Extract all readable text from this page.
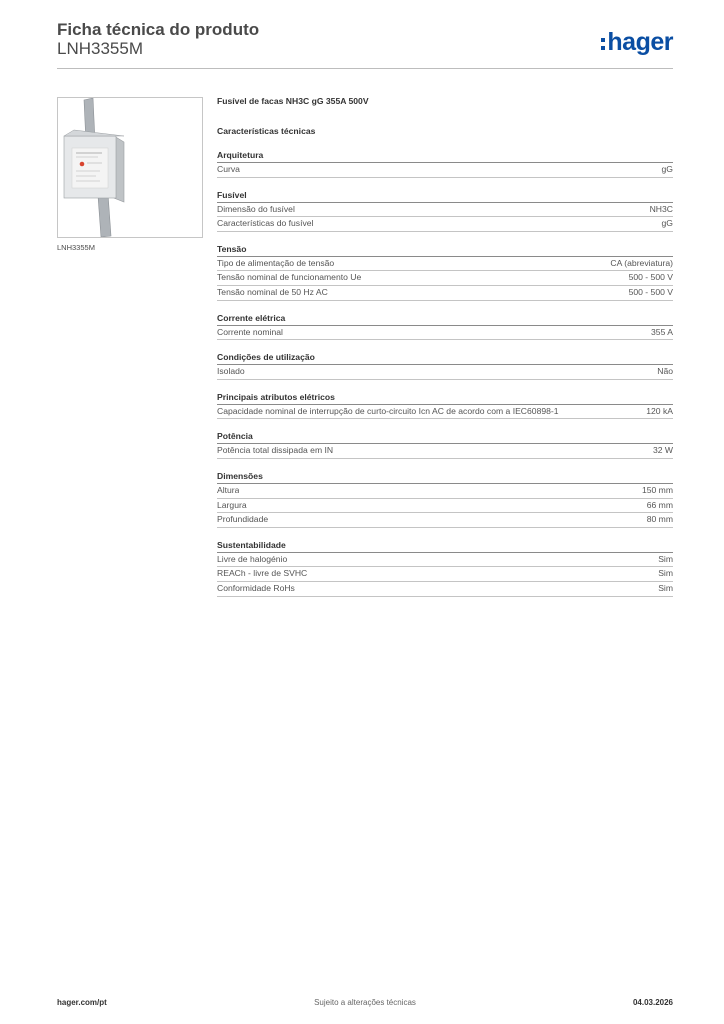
Ficha técnica do produto
LNH3355M	hager
LNH3355M
Fusível de facas NH3C gG 355A 500V
Características técnicas
Arquitetura
Curva	gG
Fusível
Dimensão do fusível	NH3C
Características do fusível	gG
Tensão
Tipo de alimentação de tensão	CA (abreviatura)
Tensão nominal de funcionamento Ue	500 - 500 V
Tensão nominal de 50 Hz AC	500 - 500 V
Corrente elétrica
Corrente nominal	355 A
Condições de utilização
Isolado	Não
Principais atributos elétricos
Capacidade nominal de interrupção de curto-circuito Icn AC de acordo com a IEC60898-1	120 kA
Potência
Potência total dissipada em IN	32 W
Dimensões
Altura	150 mm
Largura	66 mm
Profundidade	80 mm
Sustentabilidade
Livre de halogénio	Sim
REACh - livre de SVHC	Sim
Conformidade RoHs	Sim
Sujeito a alterações técnicas
hager.com/pt	04.03.2026
